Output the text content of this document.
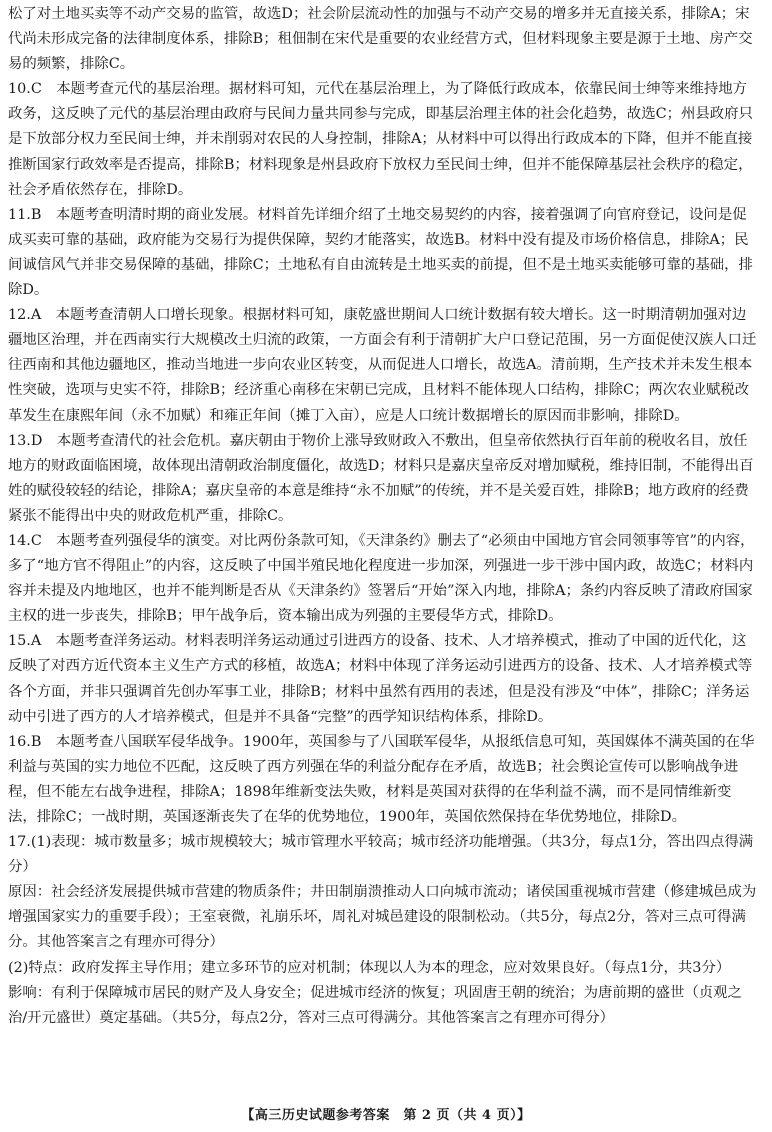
松了对土地买卖等不动产交易的监管，故选D；社会阶层流动性的加强与不动产交易的增多并无直接关系，排除A；宋代尚未形成完备的法律制度体系，排除B；租佃制在宋代是重要的农业经营方式，但材料现象主要是源于土地、房产交易的频繁，排除C。

10.C　本题考查元代的基层治理。据材料可知，元代在基层治理上，为了降低行政成本，依靠民间士绅等来维持地方政务，这反映了元代的基层治理由政府与民间力量共同参与完成，即基层治理主体的社会化趋势，故选C；州县政府只是下放部分权力至民间士绅，并未削弱对农民的人身控制，排除A；从材料中可以得出行政成本的下降，但并不能直接推断国家行政效率是否提高，排除B；材料现象是州县政府下放权力至民间士绅，但并不能保障基层社会秩序的稳定，社会矛盾依然存在，排除D。

11.B　本题考查明清时期的商业发展。材料首先详细介绍了土地交易契约的内容，接着强调了向官府登记，设问是促成买卖可靠的基础，政府能为交易行为提供保障，契约才能落实，故选B。材料中没有提及市场价格信息，排除A；民间诚信风气并非交易保障的基础，排除C；土地私有自由流转是土地买卖的前提，但不是土地买卖能够可靠的基础，排除D。

12.A　本题考查清朝人口增长现象。根据材料可知，康乾盛世期间人口统计数据有较大增长。这一时期清朝加强对边疆地区治理，并在西南实行大规模改土归流的政策，一方面会有利于清朝扩大户口登记范围，另一方面促使汉族人口迁往西南和其他边疆地区，推动当地进一步向农业区转变，从而促进人口增长，故选A。清前期，生产技术并未发生根本性突破，选项与史实不符，排除B；经济重心南移在宋朝已完成，且材料不能体现人口结构，排除C；两次农业赋税改革发生在康熙年间（永不加赋）和雍正年间（摊丁入亩），应是人口统计数据增长的原因而非影响，排除D。

13.D　本题考查清代的社会危机。嘉庆朝由于物价上涨导致财政入不敷出，但皇帝依然执行百年前的税收名目，放任地方的财政面临困境，故体现出清朝政治制度僵化，故选D；材料只是嘉庆皇帝反对增加赋税，维持旧制，不能得出百姓的赋役较轻的结论，排除A；嘉庆皇帝的本意是维持“永不加赋”的传统，并不是关爱百姓，排除B；地方政府的经费紧张不能得出中央的财政危机严重，排除C。

14.C　本题考查列强侵华的演变。对比两份条款可知，《天津条约》删去了“必须由中国地方官会同领事等官”的内容，多了“地方官不得阻止”的内容，这反映了中国半殖民地化程度进一步加深，列强进一步干涉中国内政，故选C；材料内容并未提及内地地区，也并不能判断是否从《天津条约》签署后“开始”深入内地，排除A；条约内容反映了清政府国家主权的进一步丧失，排除B；甲午战争后，资本输出成为列强的主要侵华方式，排除D。

15.A　本题考查洋务运动。材料表明洋务运动通过引进西方的设备、技术、人才培养模式，推动了中国的近代化，这反映了对西方近代资本主义生产方式的移植，故选A；材料中体现了洋务运动引进西方的设备、技术、人才培养模式等各个方面，并非只强调首先创办军事工业，排除B；材料中虽然有西用的表述，但是没有涉及“中体”，排除C；洋务运动中引进了西方的人才培养模式，但是并不具备“完整”的西学知识结构体系，排除D。

16.B　本题考查八国联军侵华战争。1900年，英国参与了八国联军侵华，从报纸信息可知，英国媒体不满英国的在华利益与英国的实力地位不匹配，这反映了西方列强在华的利益分配存在矛盾，故选B；社会舆论宣传可以影响战争进程，但不能左右战争进程，排除A；1898年维新变法失败，材料是英国对获得的在华利益不满，而不是同情维新变法，排除C；一战时期，英国逐渐丧失了在华的优势地位，1900年，英国依然保持在华优势地位，排除D。

17.(1)表现：城市数量多；城市规模较大；城市管理水平较高；城市经济功能增强。（共3分，每点1分，答出四点得满分）

原因：社会经济发展提供城市营建的物质条件；井田制崩溃推动人口向城市流动；诸侯国重视城市营建（修建城邑成为增强国家实力的重要手段）；王室衰微，礼崩乐坏，周礼对城邑建设的限制松动。（共5分，每点2分，答对三点可得满分。其他答案言之有理亦可得分）

(2)特点：政府发挥主导作用；建立多环节的应对机制；体现以人为本的理念，应对效果良好。（每点1分，共3分）

影响：有利于保障城市居民的财产及人身安全；促进城市经济的恢复；巩固唐王朝的统治；为唐前期的盛世（贞观之治/开元盛世）奠定基础。（共5分，每点2分，答对三点可得满分。其他答案言之有理亦可得分）

【高三历史试题参考答案　第 2 页（共 4 页）】
